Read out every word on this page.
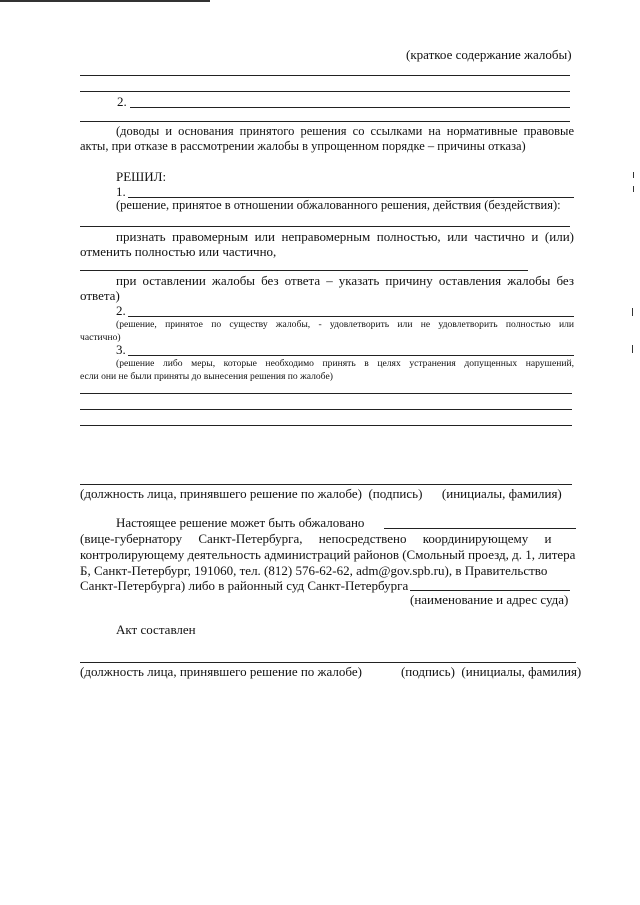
(краткое содержание жалобы)
2.
(доводы и основания принятого решения со ссылками на нормативные правовые
акты, при отказе в рассмотрении жалобы в упрощенном порядке – причины отказа)
РЕШИЛ:
1.
(решение, принятое в отношении обжалованного решения, действия (бездействия):
признать правомерным или неправомерным полностью, или частично и (или)
отменить полностью или частично,
при оставлении жалобы без ответа – указать причину оставления жалобы без
ответа)
2.
(решение, принятое по существу жалобы, - удовлетворить или не удовлетворить полностью или
частично)
3.
(решение либо меры, которые необходимо принять в целях устранения допущенных нарушений,
если они не были приняты до вынесения решения по жалобе)
(должность лица, принявшего решение по жалобе)  (подпись)      (инициалы, фамилия)
Настоящее решение может быть обжаловано
(вице-губернатору     Санкт-Петербурга,     непосредствено     координирующему     и
контролирующему деятельность администраций районов (Смольный проезд, д. 1, литера
Б, Санкт-Петербург, 191060, тел. (812) 576-62-62, adm@gov.spb.ru), в Правительство
Санкт-Петербурга) либо в районный суд Санкт-Петербурга
(наименование и адрес суда)
Акт составлен
(должность лица, принявшего решение по жалобе)            (подпись)  (инициалы, фамилия)
